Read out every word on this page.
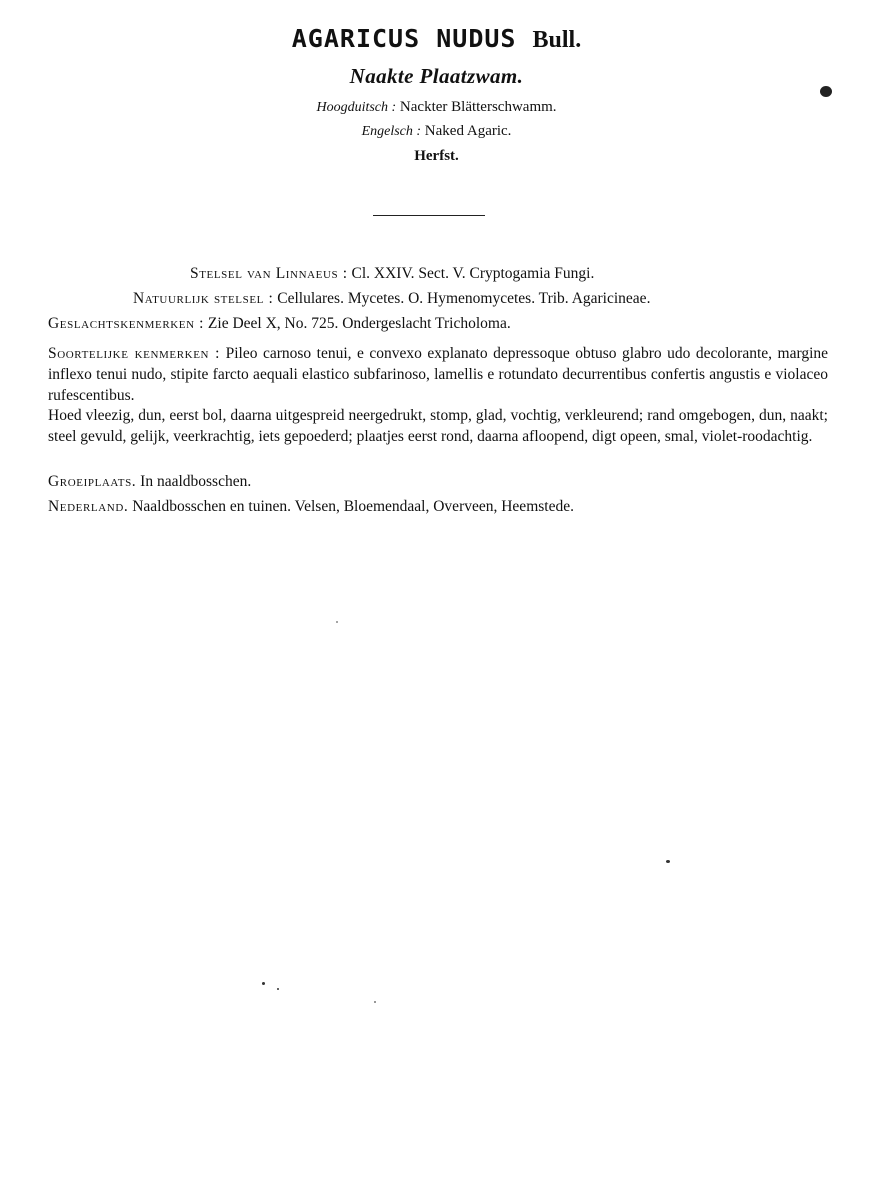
AGARICUS NUDUS Bull.
Naakte Plaatzwam.
Hoogduitsch : Nackter Blätterschwamm.
Engelsch : Naked Agaric.
Herfst.
Stelsel van Linnaeus : Cl. XXIV. Sect. V. Cryptogamia Fungi.
Natuurlijk stelsel : Cellulares. Mycetes. O. Hymenomycetes. Trib. Agaricineae.
Geslachtskenmerken : Zie Deel X, No. 725. Ondergeslacht Tricholoma.
Soortelijke kenmerken : Pileo carnoso tenui, e convexo explanato depressoque obtuso glabro udo decolorante, margine inflexo tenui nudo, stipite farcto aequali elastico subfarinoso, lamellis e rotundato decurrentibus confertis angustis e violaceo rufescentibus.
Hoed vleezig, dun, eerst bol, daarna uitgespreid neergedrukt, stomp, glad, vochtig, verkleurend; rand omgebogen, dun, naakt; steel gevuld, gelijk, veerkrachtig, iets gepoederd; plaatjes eerst rond, daarna afloopend, digt opeen, smal, violet-roodachtig.
Groeiplaats. In naaldbosschen.
Nederland. Naaldbosschen en tuinen. Velsen, Bloemendaal, Overveen, Heemstede.
